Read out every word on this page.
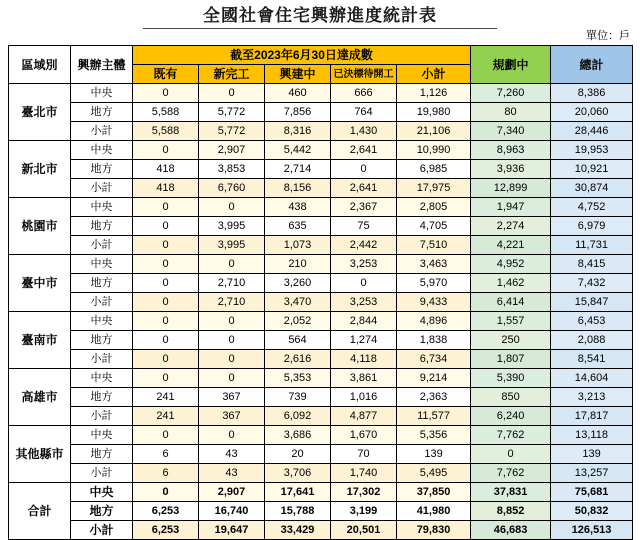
全國社會住宅興辦進度統計表
單位：戶
區域別	興辦主體	截至2023年6月30日達成數					規劃中	總計
		既有	新完工	興建中	已決標待開工	小計		
臺北市	中央	0	0	460	666	1,126	7,260	8,386
	地方	5,588	5,772	7,856	764	19,980	80	20,060
	小計	5,588	5,772	8,316	1,430	21,106	7,340	28,446
新北市	中央	0	2,907	5,442	2,641	10,990	8,963	19,953
	地方	418	3,853	2,714	0	6,985	3,936	10,921
	小計	418	6,760	8,156	2,641	17,975	12,899	30,874
桃園市	中央	0	0	438	2,367	2,805	1,947	4,752
	地方	0	3,995	635	75	4,705	2,274	6,979
	小計	0	3,995	1,073	2,442	7,510	4,221	11,731
臺中市	中央	0	0	210	3,253	3,463	4,952	8,415
	地方	0	2,710	3,260	0	5,970	1,462	7,432
	小計	0	2,710	3,470	3,253	9,433	6,414	15,847
臺南市	中央	0	0	2,052	2,844	4,896	1,557	6,453
	地方	0	0	564	1,274	1,838	250	2,088
	小計	0	0	2,616	4,118	6,734	1,807	8,541
高雄市	中央	0	0	5,353	3,861	9,214	5,390	14,604
	地方	241	367	739	1,016	2,363	850	3,213
	小計	241	367	6,092	4,877	11,577	6,240	17,817
其他縣市	中央	0	0	3,686	1,670	5,356	7,762	13,118
	地方	6	43	20	70	139	0	139
	小計	6	43	3,706	1,740	5,495	7,762	13,257
合計	中央	0	2,907	17,641	17,302	37,850	37,831	75,681
	地方	6,253	16,740	15,788	3,199	41,980	8,852	50,832
	小計	6,253	19,647	33,429	20,501	79,830	46,683	126,513
